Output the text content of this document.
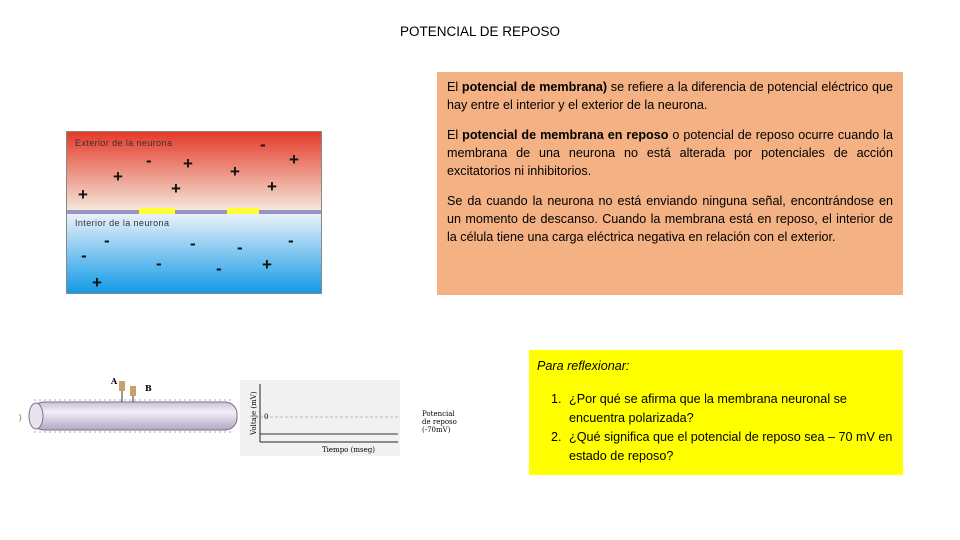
POTENCIAL DE REPOSO
Exterior de la neurona
Interior de la neurona
-
- +	+
+
+
+	+
+
-	-	-
-
-	-	- +
+

El potencial de membrana) se refiere a la diferencia de potencial eléctrico que hay entre el interior y el exterior de la neurona.

El potencial de membrana en reposo o potencial de reposo ocurre cuando la membrana de una neurona no está alterada por potenciales de acción excitatorios ni inhibitorios.

Se da cuando la neurona no está enviando ninguna señal, encontrándose en un momento de descanso. Cuando la membrana está en reposo, el interior de la célula tiene una carga eléctrica negativa en relación con el exterior.

A
B
)	Voltaje (mV) 0
Tiempo (mseg)
Potencial
de reposo
(-70mV)
Para reflexionar:
1. ¿Por qué se afirma que la membrana neuronal se encuentra polarizada?
2. ¿Qué significa que el potencial de reposo sea – 70 mV en estado de reposo?
